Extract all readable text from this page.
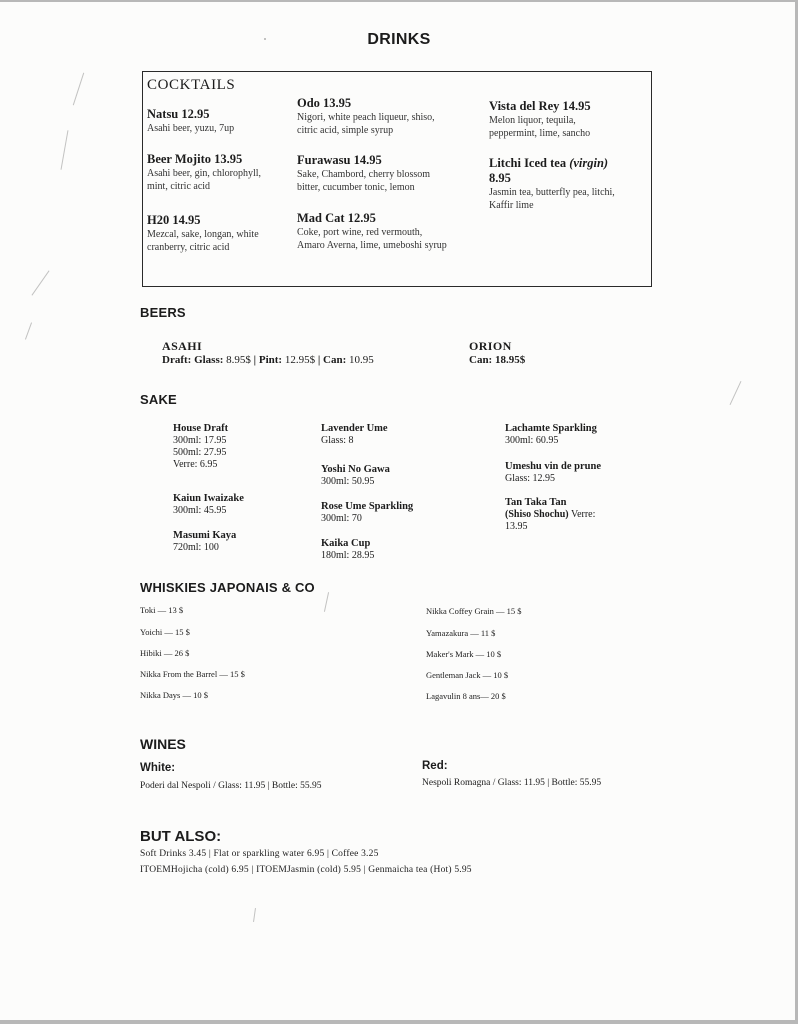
DRINKS
COCKTAILS
Natsu 12.95
Asahi beer, yuzu, 7up
Beer Mojito 13.95
Asahi beer, gin, chlorophyll,
mint, citric acid
H20 14.95
Mezcal, sake, longan, white
cranberry, citric acid
Odo 13.95
Nigori, white peach liqueur, shiso,
citric acid, simple syrup
Furawasu 14.95
Sake, Chambord, cherry blossom
bitter, cucumber tonic, lemon
Mad Cat 12.95
Coke, port wine, red vermouth,
Amaro Averna, lime, umeboshi syrup
Vista del Rey 14.95
Melon liquor, tequila,
peppermint, lime, sancho
Litchi Iced tea (virgin)
8.95
Jasmin tea, butterfly pea, litchi,
Kaffir lime
BEERS
ASAHI
Draft: Glass: 8.95$ | Pint: 12.95$ | Can: 10.95
ORION
Can: 18.95$
SAKE
House Draft
300ml: 17.95
500ml: 27.95
Verre: 6.95
Kaiun Iwaizake
300ml: 45.95
Masumi Kaya
720ml: 100
Lavender Ume
Glass: 8
Yoshi No Gawa
300ml: 50.95
Rose Ume Sparkling
300ml: 70
Kaika Cup
180ml: 28.95
Lachamte Sparkling
300ml: 60.95
Umeshu vin de prune
Glass: 12.95
Tan Taka Tan
(Shiso Shochu) Verre:
13.95
WHISKIES JAPONAIS & CO
Toki — 13 $
Yoichi — 15 $
Hibiki — 26 $
Nikka From the Barrel — 15 $
Nikka Days — 10 $
Nikka Coffey Grain — 15 $
Yamazakura — 11 $
Maker's Mark — 10 $
Gentleman Jack — 10 $
Lagavulin 8 ans— 20 $
WINES
White:
Poderi dal Nespoli / Glass: 11.95 | Bottle: 55.95
Red:
Nespoli Romagna / Glass: 11.95 | Bottle: 55.95
BUT ALSO:
Soft Drinks 3.45 | Flat or sparkling water 6.95 | Coffee 3.25
ITOEMHojicha (cold) 6.95 | ITOEMJasmin (cold) 5.95 | Genmaicha tea (Hot) 5.95
